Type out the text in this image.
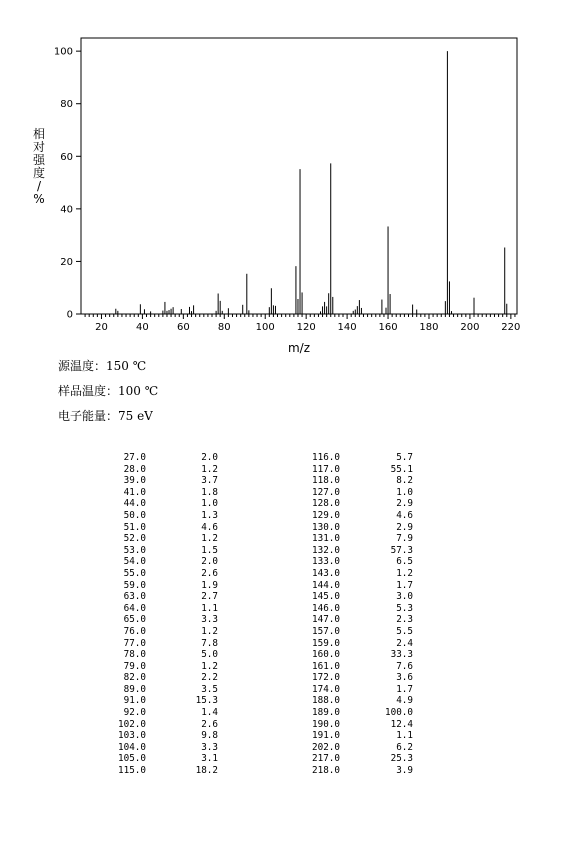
0
20
40
60
80
100
20	40	60	80	100 120 140 160 180 200 220
m/z
相
对
强
度
/
%
源温度：150 ℃
样品温度：100 ℃
电子能量：75 eV
27.0	2.0		116.0	5.7
28.0	1.2		117.0	55.1
39.0	3.7		118.0	8.2
41.0	1.8		127.0	1.0
44.0	1.0		128.0	2.9
50.0	1.3		129.0	4.6
51.0	4.6		130.0	2.9
52.0	1.2		131.0	7.9
53.0	1.5		132.0	57.3
54.0	2.0		133.0	6.5
55.0	2.6		143.0	1.2
59.0	1.9		144.0	1.7
63.0	2.7		145.0	3.0
64.0	1.1		146.0	5.3
65.0	3.3		147.0	2.3
76.0	1.2		157.0	5.5
77.0	7.8		159.0	2.4
78.0	5.0		160.0	33.3
79.0	1.2		161.0	7.6
82.0	2.2		172.0	3.6
89.0	3.5		174.0	1.7
91.0	15.3		188.0	4.9
92.0	1.4		189.0	100.0
102.0	2.6		190.0	12.4
103.0	9.8		191.0	1.1
104.0	3.3		202.0	6.2
105.0	3.1		217.0	25.3
115.0	18.2		218.0	3.9
